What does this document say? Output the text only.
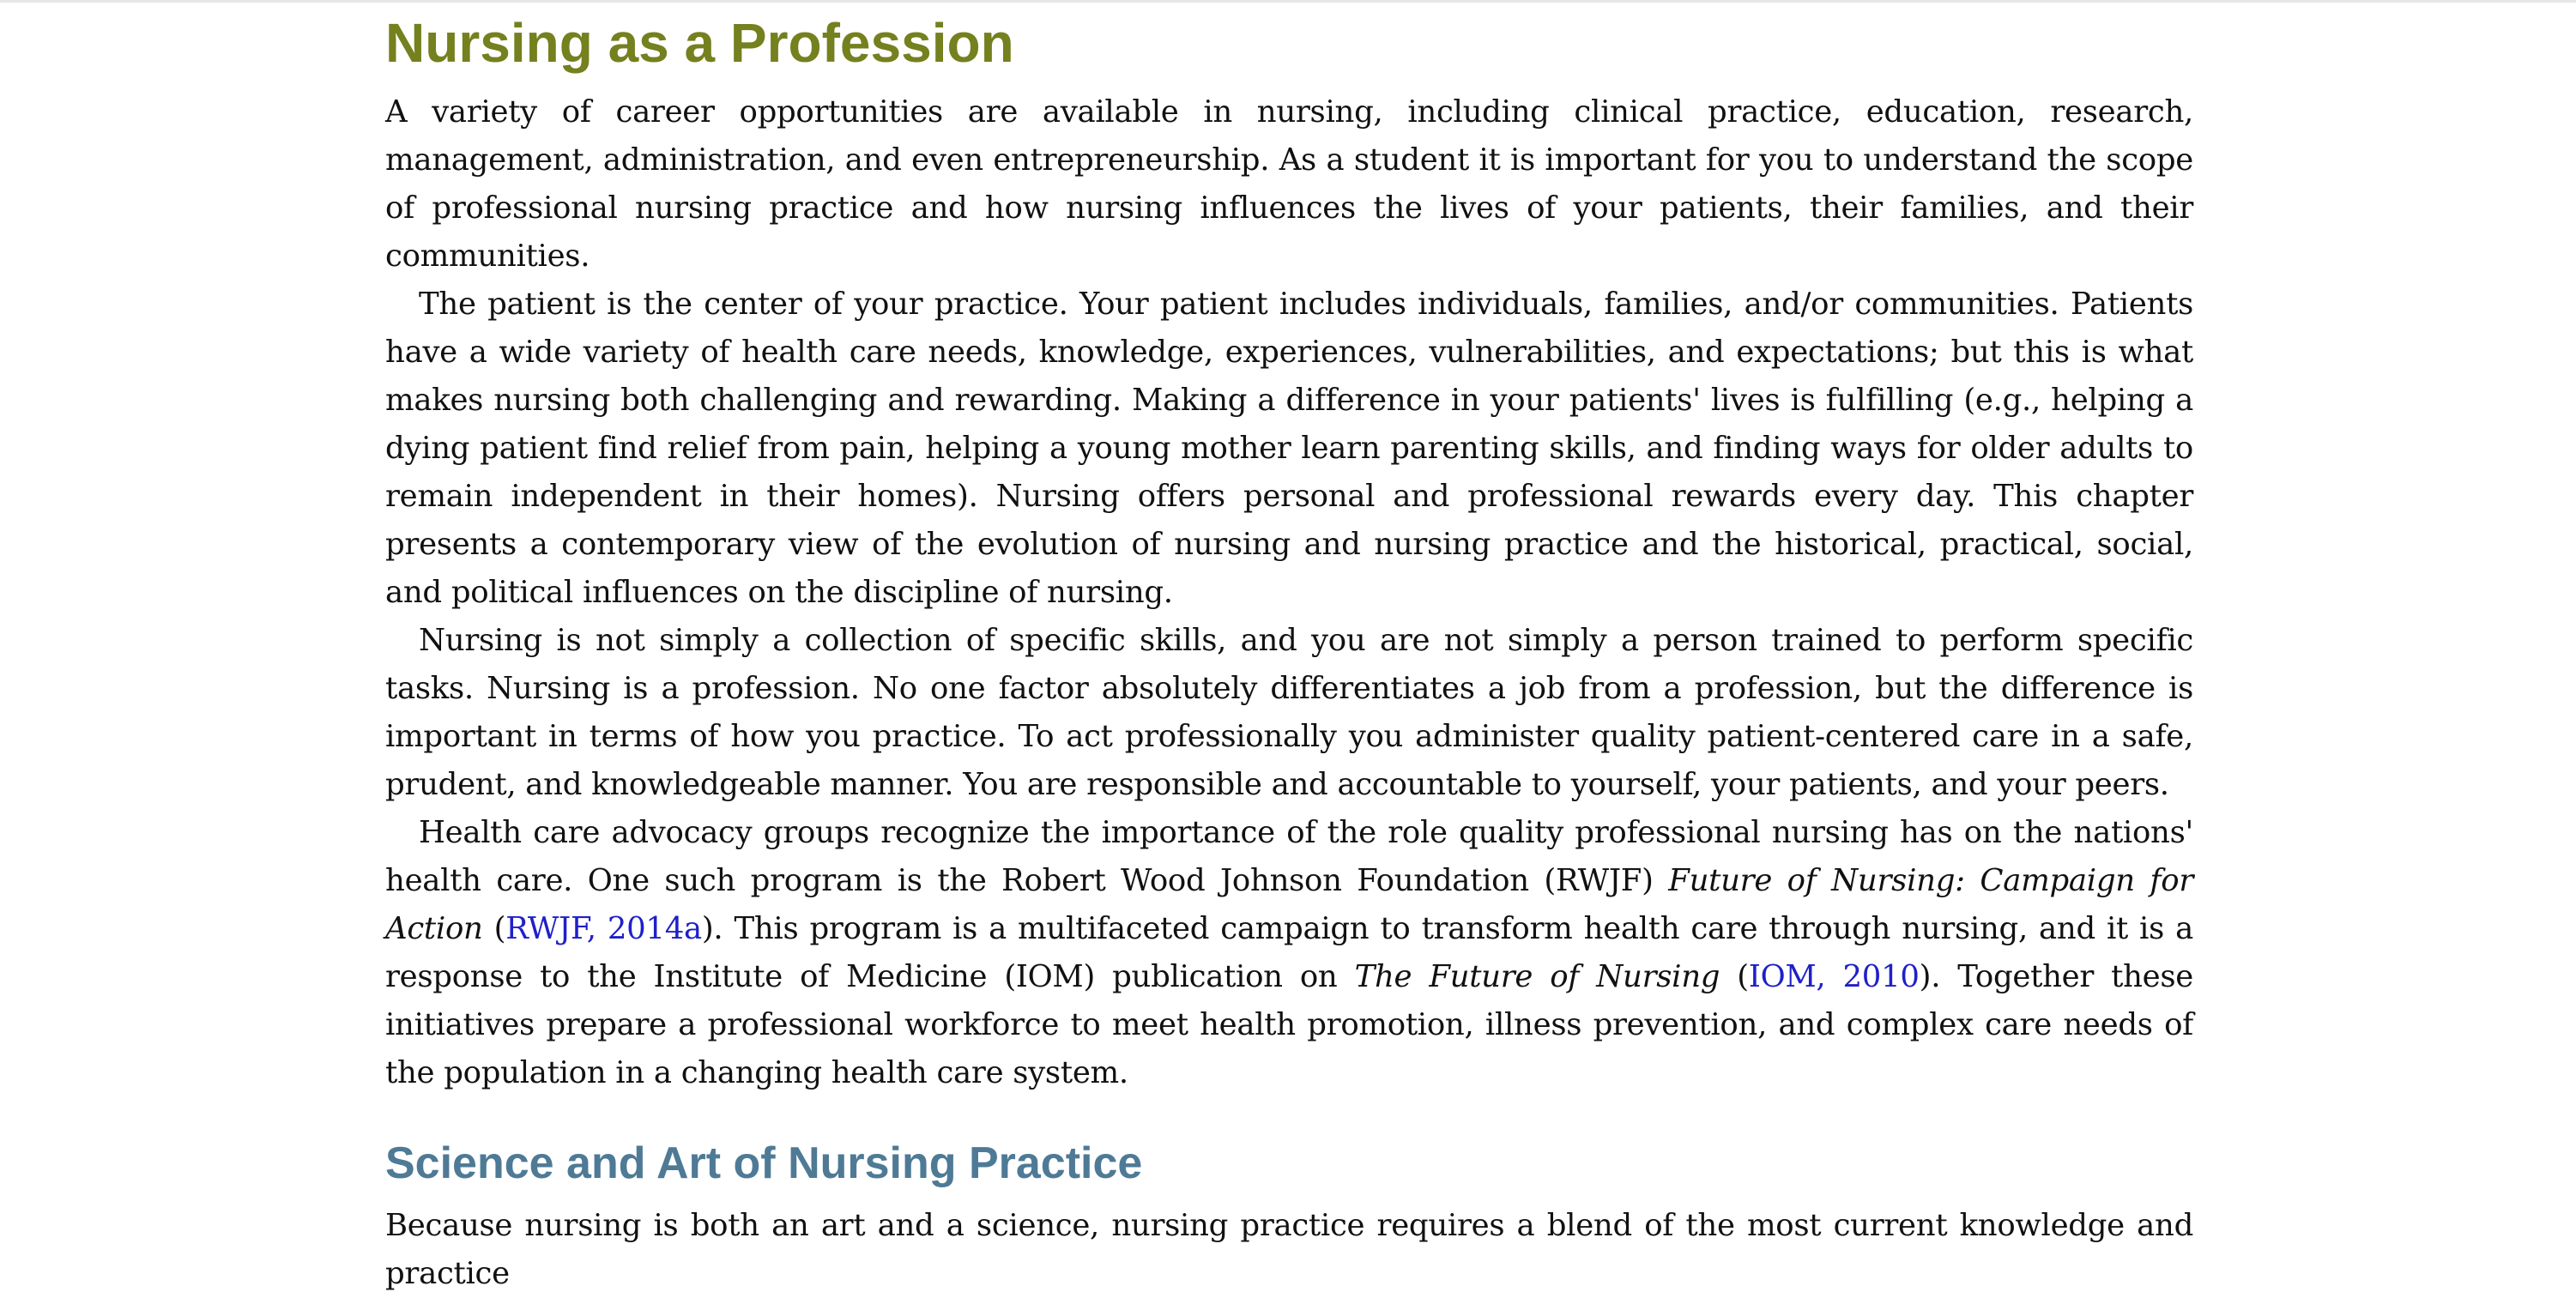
Nursing as a Profession

A variety of career opportunities are available in nursing, including clinical practice, education, research, management, administration, and even entrepreneurship. As a student it is important for you to understand the scope of professional nursing practice and how nursing influences the lives of your patients, their families, and their communities.

The patient is the center of your practice. Your patient includes individuals, families, and/or communities. Patients have a wide variety of health care needs, knowledge, experiences, vulnerabilities, and expectations; but this is what makes nursing both challenging and rewarding. Making a difference in your patients' lives is fulfilling (e.g., helping a dying patient find relief from pain, helping a young mother learn parenting skills, and finding ways for older adults to remain independent in their homes). Nursing offers personal and professional rewards every day. This chapter presents a contemporary view of the evolution of nursing and nursing practice and the historical, practical, social, and political influences on the discipline of nursing.

Nursing is not simply a collection of specific skills, and you are not simply a person trained to perform specific tasks. Nursing is a profession. No one factor absolutely differentiates a job from a profession, but the difference is important in terms of how you practice. To act professionally you administer quality patient-centered care in a safe, prudent, and knowledgeable manner. You are responsible and accountable to yourself, your patients, and your peers.

Health care advocacy groups recognize the importance of the role quality professional nursing has on the nations' health care. One such program is the Robert Wood Johnson Foundation (RWJF) Future of Nursing: Campaign for Action (RWJF, 2014a). This program is a multifaceted campaign to transform health care through nursing, and it is a response to the Institute of Medicine (IOM) publication on The Future of Nursing (IOM, 2010). Together these initiatives prepare a professional workforce to meet health promotion, illness prevention, and complex care needs of the population in a changing health care system.

Science and Art of Nursing Practice

Because nursing is both an art and a science, nursing practice requires a blend of the most current knowledge and practice
